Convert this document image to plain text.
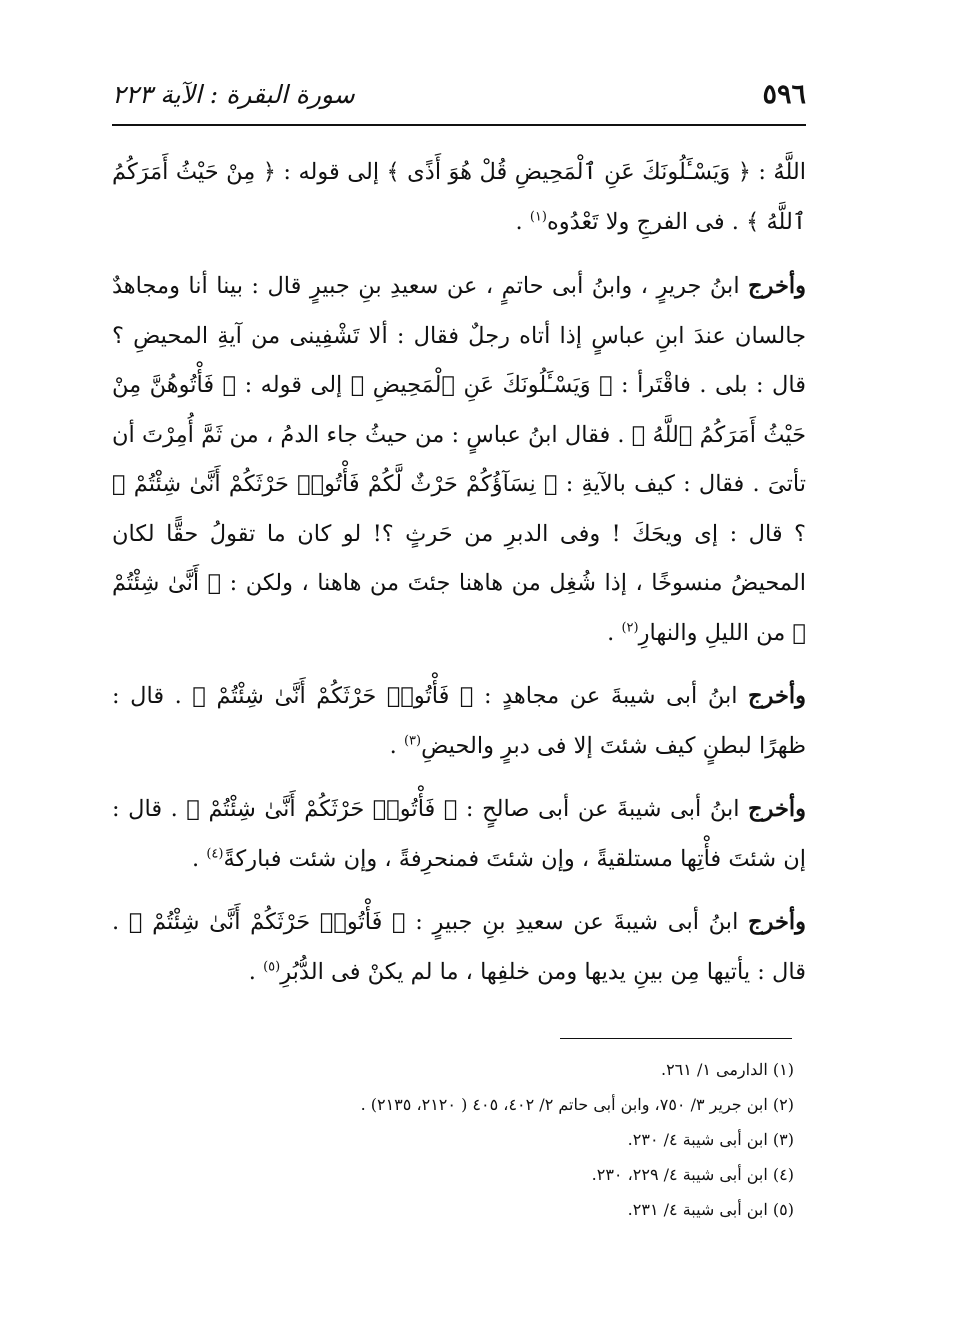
سورة البقرة : الآية ٢٢٣	٥٩٦

اللَّهُ : ﴿ وَيَسْـَٔلُونَكَ عَنِ ٱلْمَحِيضِ قُلْ هُوَ أَذًى ﴾ إلى قوله : ﴿ مِنْ حَيْثُ أَمَرَكُمُ ٱللَّهُ ﴾ . فى الفرجِ ولا تَعْدُوه$^{(١)}$ .

وأخرج ابنُ جريرٍ ، وابنُ أبى حاتمٍ ، عن سعيدِ بنِ جبيرٍ قال : بينا أنا ومجاهدٌ جالسان عندَ ابنِ عباسٍ إذا أتاه رجلٌ فقال : ألا تَشْفِينى من آيةِ المحيضِ ؟ قال : بلى . فاقْتَرأ : ﴿ وَيَسْـَٔلُونَكَ عَنِ ٱلْمَحِيضِ ﴾ إلى قوله : ﴿ فَأْتُوهُنَّ مِنْ حَيْثُ أَمَرَكُمُ ٱللَّهُ ﴾ . فقال ابنُ عباسٍ : من حيثُ جاء الدمُ ، من ثَمَّ أُمِرْتَ أن تأتىَ . فقال : كيف بالآيةِ : ﴿ نِسَآؤُكُمْ حَرْثٌ لَّكُمْ فَأْتُوا۟ حَرْثَكُمْ أَنَّىٰ شِئْتُمْ ﴾ ؟ قال : إى ويحَكَ ! وفى الدبرِ من حَرثٍ ؟! لو كان ما تقولُ حقًّا لكان المحيضُ منسوخًا ، إذا شُغِل من هاهنا جئتَ من هاهنا ، ولكن : ﴿ أَنَّىٰ شِئْتُمْ ﴾ من الليلِ والنهارِ$^{(٢)}$ .

وأخرج ابنُ أبى شيبةَ عن مجاهدٍ : ﴿ فَأْتُوا۟ حَرْثَكُمْ أَنَّىٰ شِئْتُمْ ﴾ . قال : ظهرًا لبطنٍ كيف شئتَ إلا فى دبرٍ والحيضِ$^{(٣)}$ .

وأخرج ابنُ أبى شيبةَ عن أبى صالحٍ : ﴿ فَأْتُوا۟ حَرْثَكُمْ أَنَّىٰ شِئْتُمْ ﴾ . قال : إن شئتَ فأْتِها مستلقيةً ، وإن شئتَ فمنحرِفةً ، وإن شئت فباركةً$^{(٤)}$ .

وأخرج ابنُ أبى شيبةَ عن سعيدِ بنِ جبيرٍ : ﴿ فَأْتُوا۟ حَرْثَكُمْ أَنَّىٰ شِئْتُمْ ﴾ . قال : يأتيها مِن بينِ يديها ومن خلفِها ، ما لم يكنْ فى الدُّبُرِ$^{(٥)}$ .

(١) الدارمى ١/ ٢٦١.
(٢) ابن جرير ٣/ ٧٥٠، وابن أبى حاتم ٢/ ٤٠٢، ٤٠٥ ( ٢١٢٠، ٢١٣٥) .
(٣) ابن أبى شيبة ٤/ ٢٣٠.
(٤) ابن أبى شيبة ٤/ ٢٢٩، ٢٣٠.
(٥) ابن أبى شيبة ٤/ ٢٣١.
